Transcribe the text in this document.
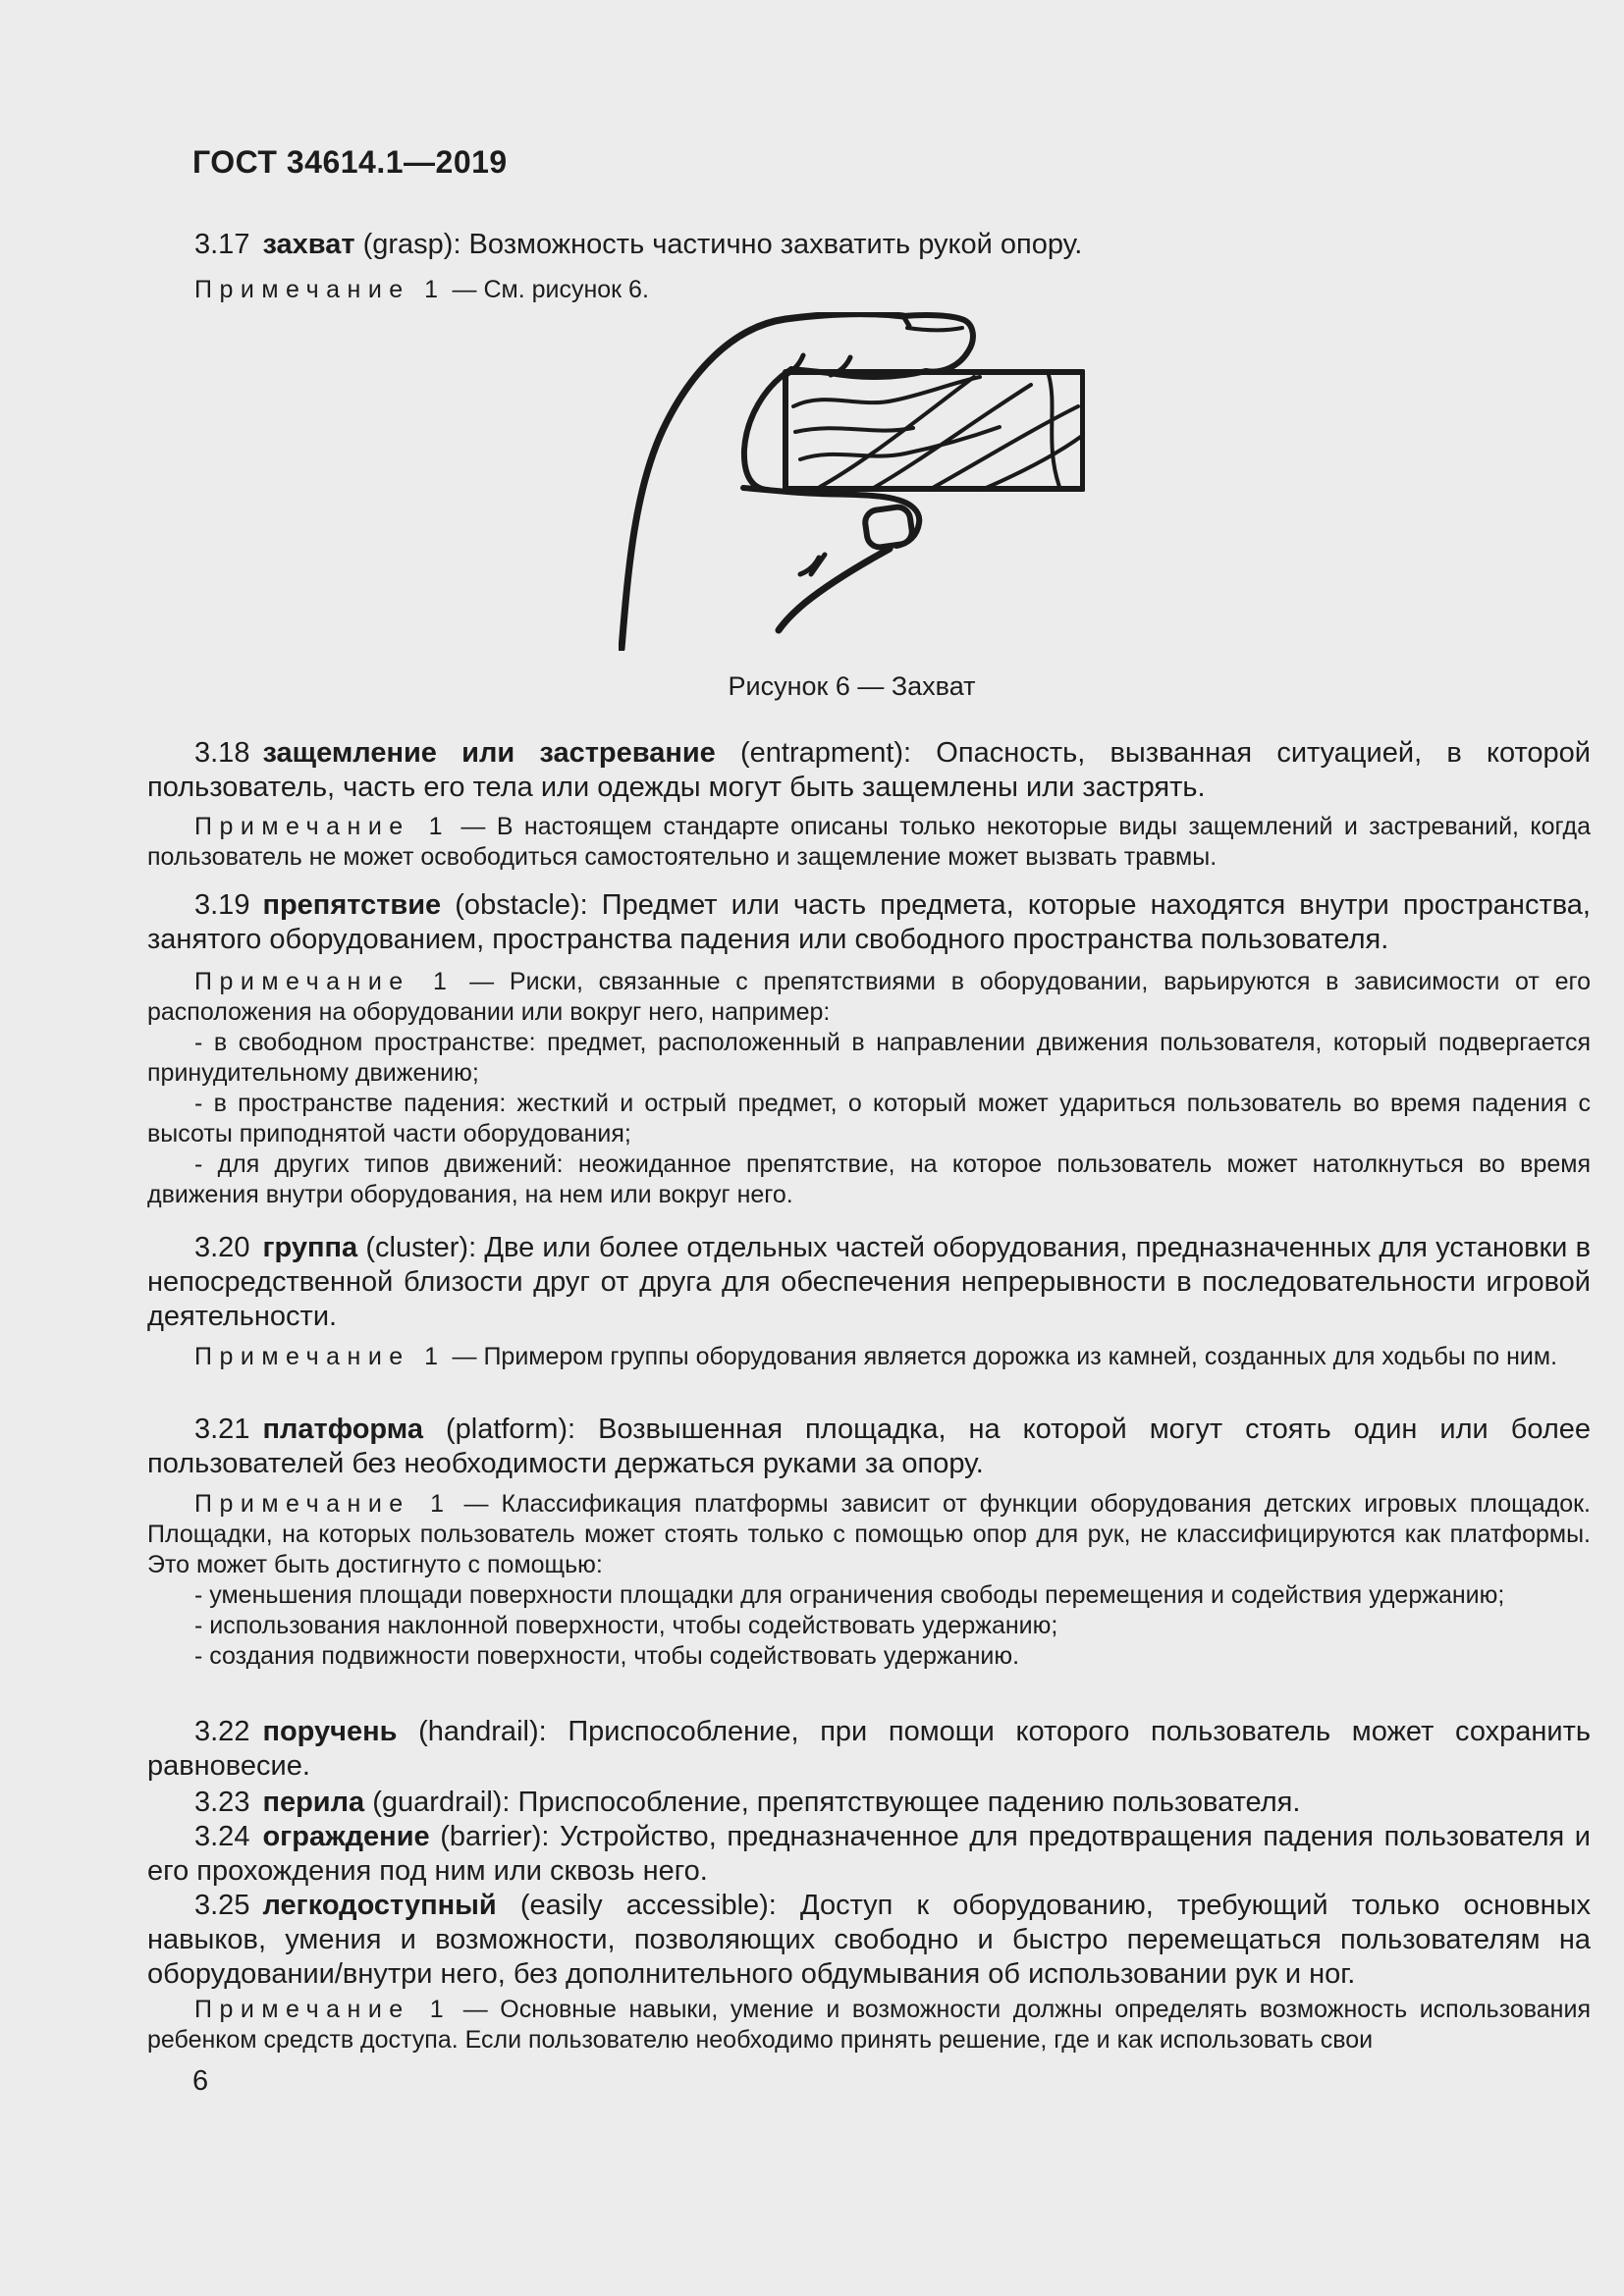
ГОСТ 34614.1—2019

3.17 захват (grasp): Возможность частично захватить рукой опору.

Примечание 1 — См. рисунок 6.

Рисунок 6 — Захват

3.18 защемление или застревание (entrapment): Опасность, вызванная ситуацией, в которой пользователь, часть его тела или одежды могут быть защемлены или застрять.

Примечание 1 — В настоящем стандарте описаны только некоторые виды защемлений и застреваний, когда пользователь не может освободиться самостоятельно и защемление может вызвать травмы.

3.19 препятствие (obstacle): Предмет или часть предмета, которые находятся внутри пространства, занятого оборудованием, пространства падения или свободного пространства пользователя.

Примечание 1 — Риски, связанные с препятствиями в оборудовании, варьируются в зависимости от его расположения на оборудовании или вокруг него, например:

- в свободном пространстве: предмет, расположенный в направлении движения пользователя, который подвергается принудительному движению;

- в пространстве падения: жесткий и острый предмет, о который может удариться пользователь во время падения с высоты приподнятой части оборудования;

- для других типов движений: неожиданное препятствие, на которое пользователь может натолкнуться во время движения внутри оборудования, на нем или вокруг него.

3.20 группа (cluster): Две или более отдельных частей оборудования, предназначенных для установки в непосредственной близости друг от друга для обеспечения непрерывности в последовательности игровой деятельности.

Примечание 1 — Примером группы оборудования является дорожка из камней, созданных для ходьбы по ним.

3.21 платформа (platform): Возвышенная площадка, на которой могут стоять один или более пользователей без необходимости держаться руками за опору.

Примечание 1 — Классификация платформы зависит от функции оборудования детских игровых площадок. Площадки, на которых пользователь может стоять только с помощью опор для рук, не классифицируются как платформы. Это может быть достигнуто с помощью:

- уменьшения площади поверхности площадки для ограничения свободы перемещения и содействия удержанию;

- использования наклонной поверхности, чтобы содействовать удержанию;

- создания подвижности поверхности, чтобы содействовать удержанию.

3.22 поручень (handrail): Приспособление, при помощи которого пользователь может сохранить равновесие.

3.23 перила (guardrail): Приспособление, препятствующее падению пользователя.

3.24 ограждение (barrier): Устройство, предназначенное для предотвращения падения пользователя и его прохождения под ним или сквозь него.

3.25 легкодоступный (easily accessible): Доступ к оборудованию, требующий только основных навыков, умения и возможности, позволяющих свободно и быстро перемещаться пользователям на оборудовании/внутри него, без дополнительного обдумывания об использовании рук и ног.

Примечание 1 — Основные навыки, умение и возможности должны определять возможность использования ребенком средств доступа. Если пользователю необходимо принять решение, где и как использовать свои

6
